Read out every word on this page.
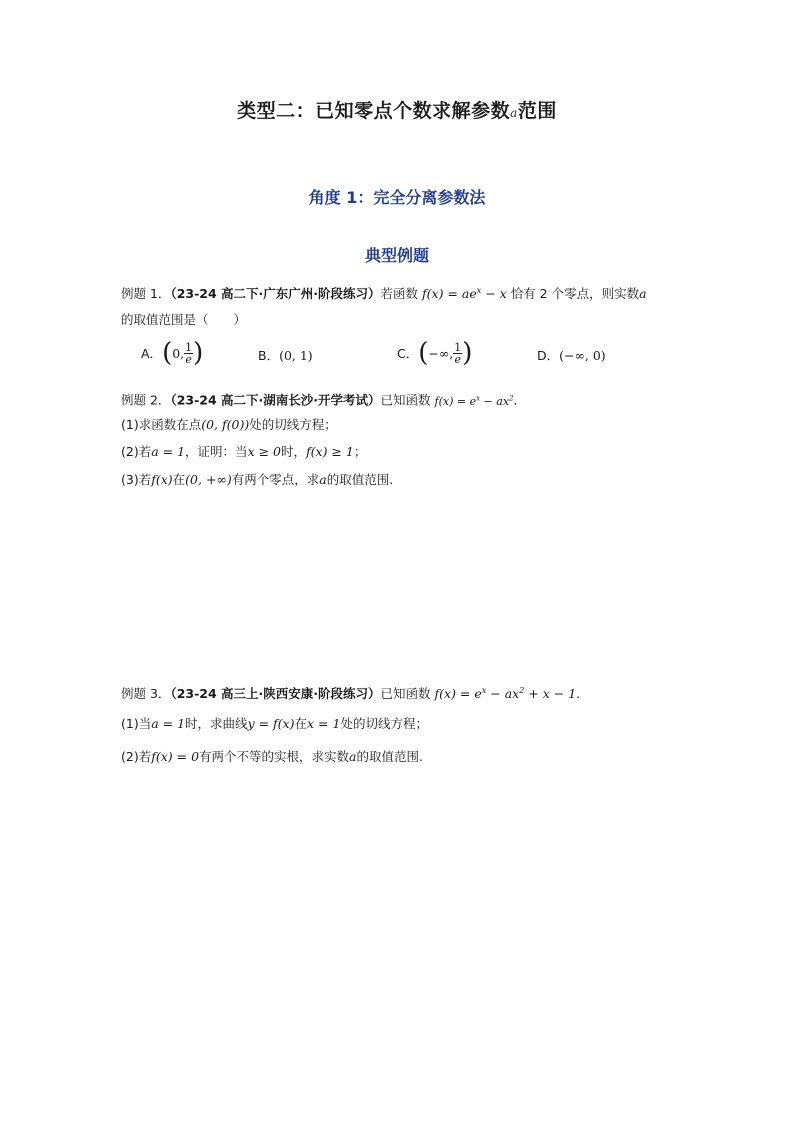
类型二：已知零点个数求解参数a范围
角度 1：完全分离参数法
典型例题
例题 1．（23-24 高二下·广东广州·阶段练习）若函数 $f(x) = ae^x - x$ 恰有 2 个零点，则实数a
的取值范围是（　　）
A． ( 0, $\frac{1}{e}$ )	B． (0, 1)	C． ( −∞, $\frac{1}{e}$ )	D． (−∞, 0)
例题 2．（23-24 高二下·湖南长沙·开学考试）已知函数 $f(x) = e^x - ax^2$．
(1)求函数在点(0, f(0))处的切线方程；
(2)若a = 1，证明：当x ≥ 0时，f(x) ≥ 1；
(3)若f(x)在(0, +∞)有两个零点，求a的取值范围.
例题 3．（23-24 高三上·陕西安康·阶段练习）已知函数 $f(x) = e^x - ax^2 + x - 1$.
(1)当a = 1时，求曲线y = f(x)在x = 1处的切线方程；
(2)若f(x) = 0有两个不等的实根，求实数a的取值范围.
